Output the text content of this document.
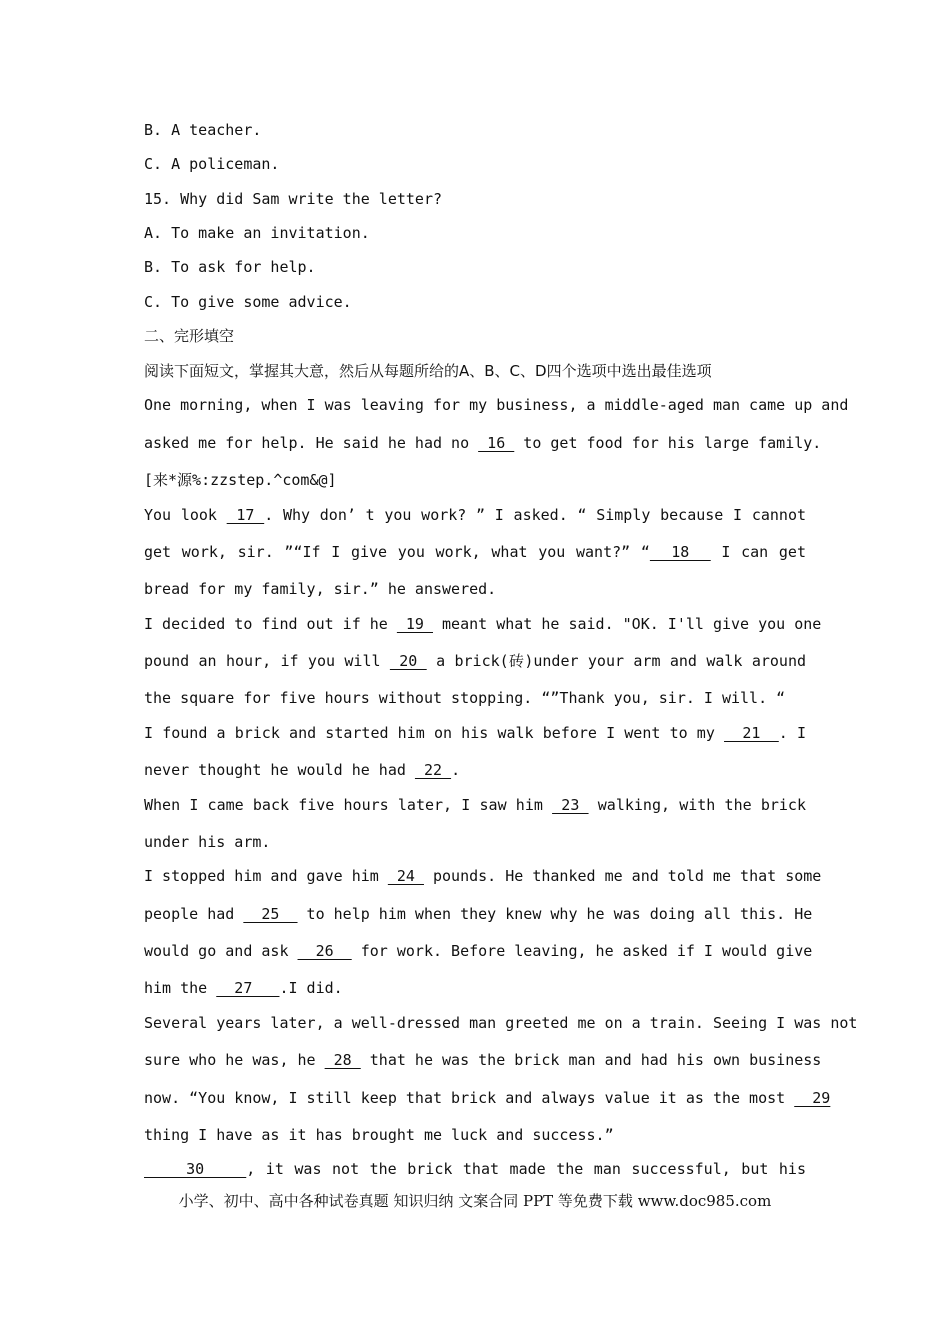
B. A teacher.
C. A policeman.
15. Why did Sam write the letter?
A. To make an invitation.
B. To ask for help.
C. To give some advice.
二、完形填空
阅读下面短文，掌握其大意，然后从每题所给的A、B、C、D四个选项中选出最佳选项
One morning, when I was leaving for my business, a middle-aged man came up and
asked me for help. He said he had no  16  to get food for his large family.
[来*源%:zzstep.^com&@]
You look  17 . Why don’ t you work? ” I asked. “ Simply because I cannot
get work, sir. ”“If I give you work, what you want?” “  18   I can get
bread for my family, sir.” he answered.
I decided to find out if he  19  meant what he said. "OK. I'll give you one
pound an hour, if you will  20  a brick(砖)under your arm and walk around
the square for five hours without stopping. “”Thank you, sir. I will. “
I found a brick and started him on his walk before I went to my   21  . I
never thought he would he had  22 .
When I came back five hours later, I saw him  23  walking, with the brick
under his arm.
I stopped him and gave him  24  pounds. He thanked me and told me that some
people had   25   to help him when they knew why he was doing all this. He
would go and ask   26   for work. Before leaving, he asked if I would give
him the   27   .I did.
Several years later, a well-dressed man greeted me on a train. Seeing I was not
sure who he was, he  28  that he was the brick man and had his own business
now. “You know, I still keep that brick and always value it as the most   29
thing I have as it has brought me luck and success.”
30    , it was not the brick that made the man successful, but his
小学、初中、高中各种试卷真题 知识归纳 文案合同 PPT 等免费下载 www.doc985.com
